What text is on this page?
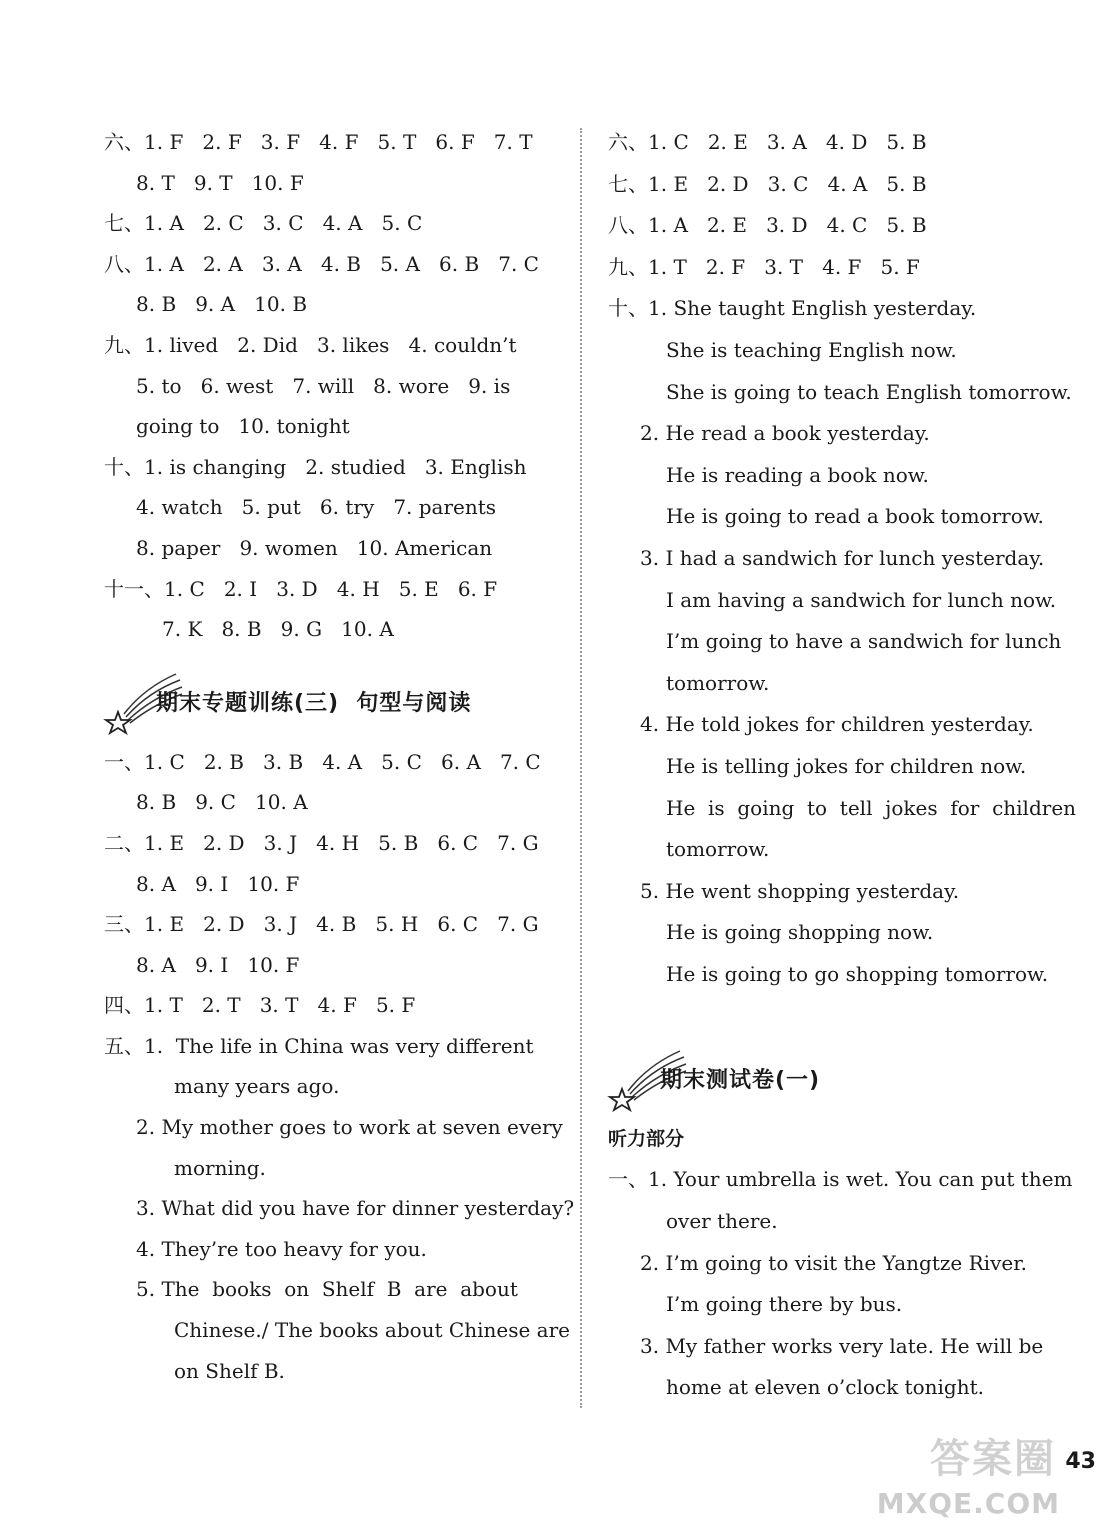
六、1. F   2. F   3. F   4. F   5. T   6. F   7. T
8. T   9. T   10. F
七、1. A   2. C   3. C   4. A   5. C
八、1. A   2. A   3. A   4. B   5. A   6. B   7. C
8. B   9. A   10. B
九、1. lived   2. Did   3. likes   4. couldn’t
5. to   6. west   7. will   8. wore   9. is
going to   10. tonight
十、1. is changing   2. studied   3. English
4. watch   5. put   6. try   7. parents
8. paper   9. women   10. American
十一、1. C   2. I   3. D   4. H   5. E   6. F
7. K   8. B   9. G   10. A
期末专题训练(三)  句型与阅读
一、1. C   2. B   3. B   4. A   5. C   6. A   7. C
8. B   9. C   10. A
二、1. E   2. D   3. J   4. H   5. B   6. C   7. G
8. A   9. I   10. F
三、1. E   2. D   3. J   4. B   5. H   6. C   7. G
8. A   9. I   10. F
四、1. T   2. T   3. T   4. F   5. F
五、1.  The life in China was very different
many years ago.
2. My mother goes to work at seven every
morning.
3. What did you have for dinner yesterday?
4. They’re too heavy for you.
5. The  books  on  Shelf  B  are  about
Chinese./ The books about Chinese are
on Shelf B.
六、1. C   2. E   3. A   4. D   5. B
七、1. E   2. D   3. C   4. A   5. B
八、1. A   2. E   3. D   4. C   5. B
九、1. T   2. F   3. T   4. F   5. F
十、1. She taught English yesterday.
She is teaching English now.
She is going to teach English tomorrow.
2. He read a book yesterday.
He is reading a book now.
He is going to read a book tomorrow.
3. I had a sandwich for lunch yesterday.
I am having a sandwich for lunch now.
I’m going to have a sandwich for lunch
tomorrow.
4. He told jokes for children yesterday.
He is telling jokes for children now.
He  is  going  to  tell  jokes  for  children
tomorrow.
5. He went shopping yesterday.
He is going shopping now.
He is going to go shopping tomorrow.
期末测试卷(一)
听力部分
一、1. Your umbrella is wet. You can put them
over there.
2. I’m going to visit the Yangtze River.
I’m going there by bus.
3. My father works very late. He will be
home at eleven o’clock tonight.
答案圈
MXQE.COM
43
